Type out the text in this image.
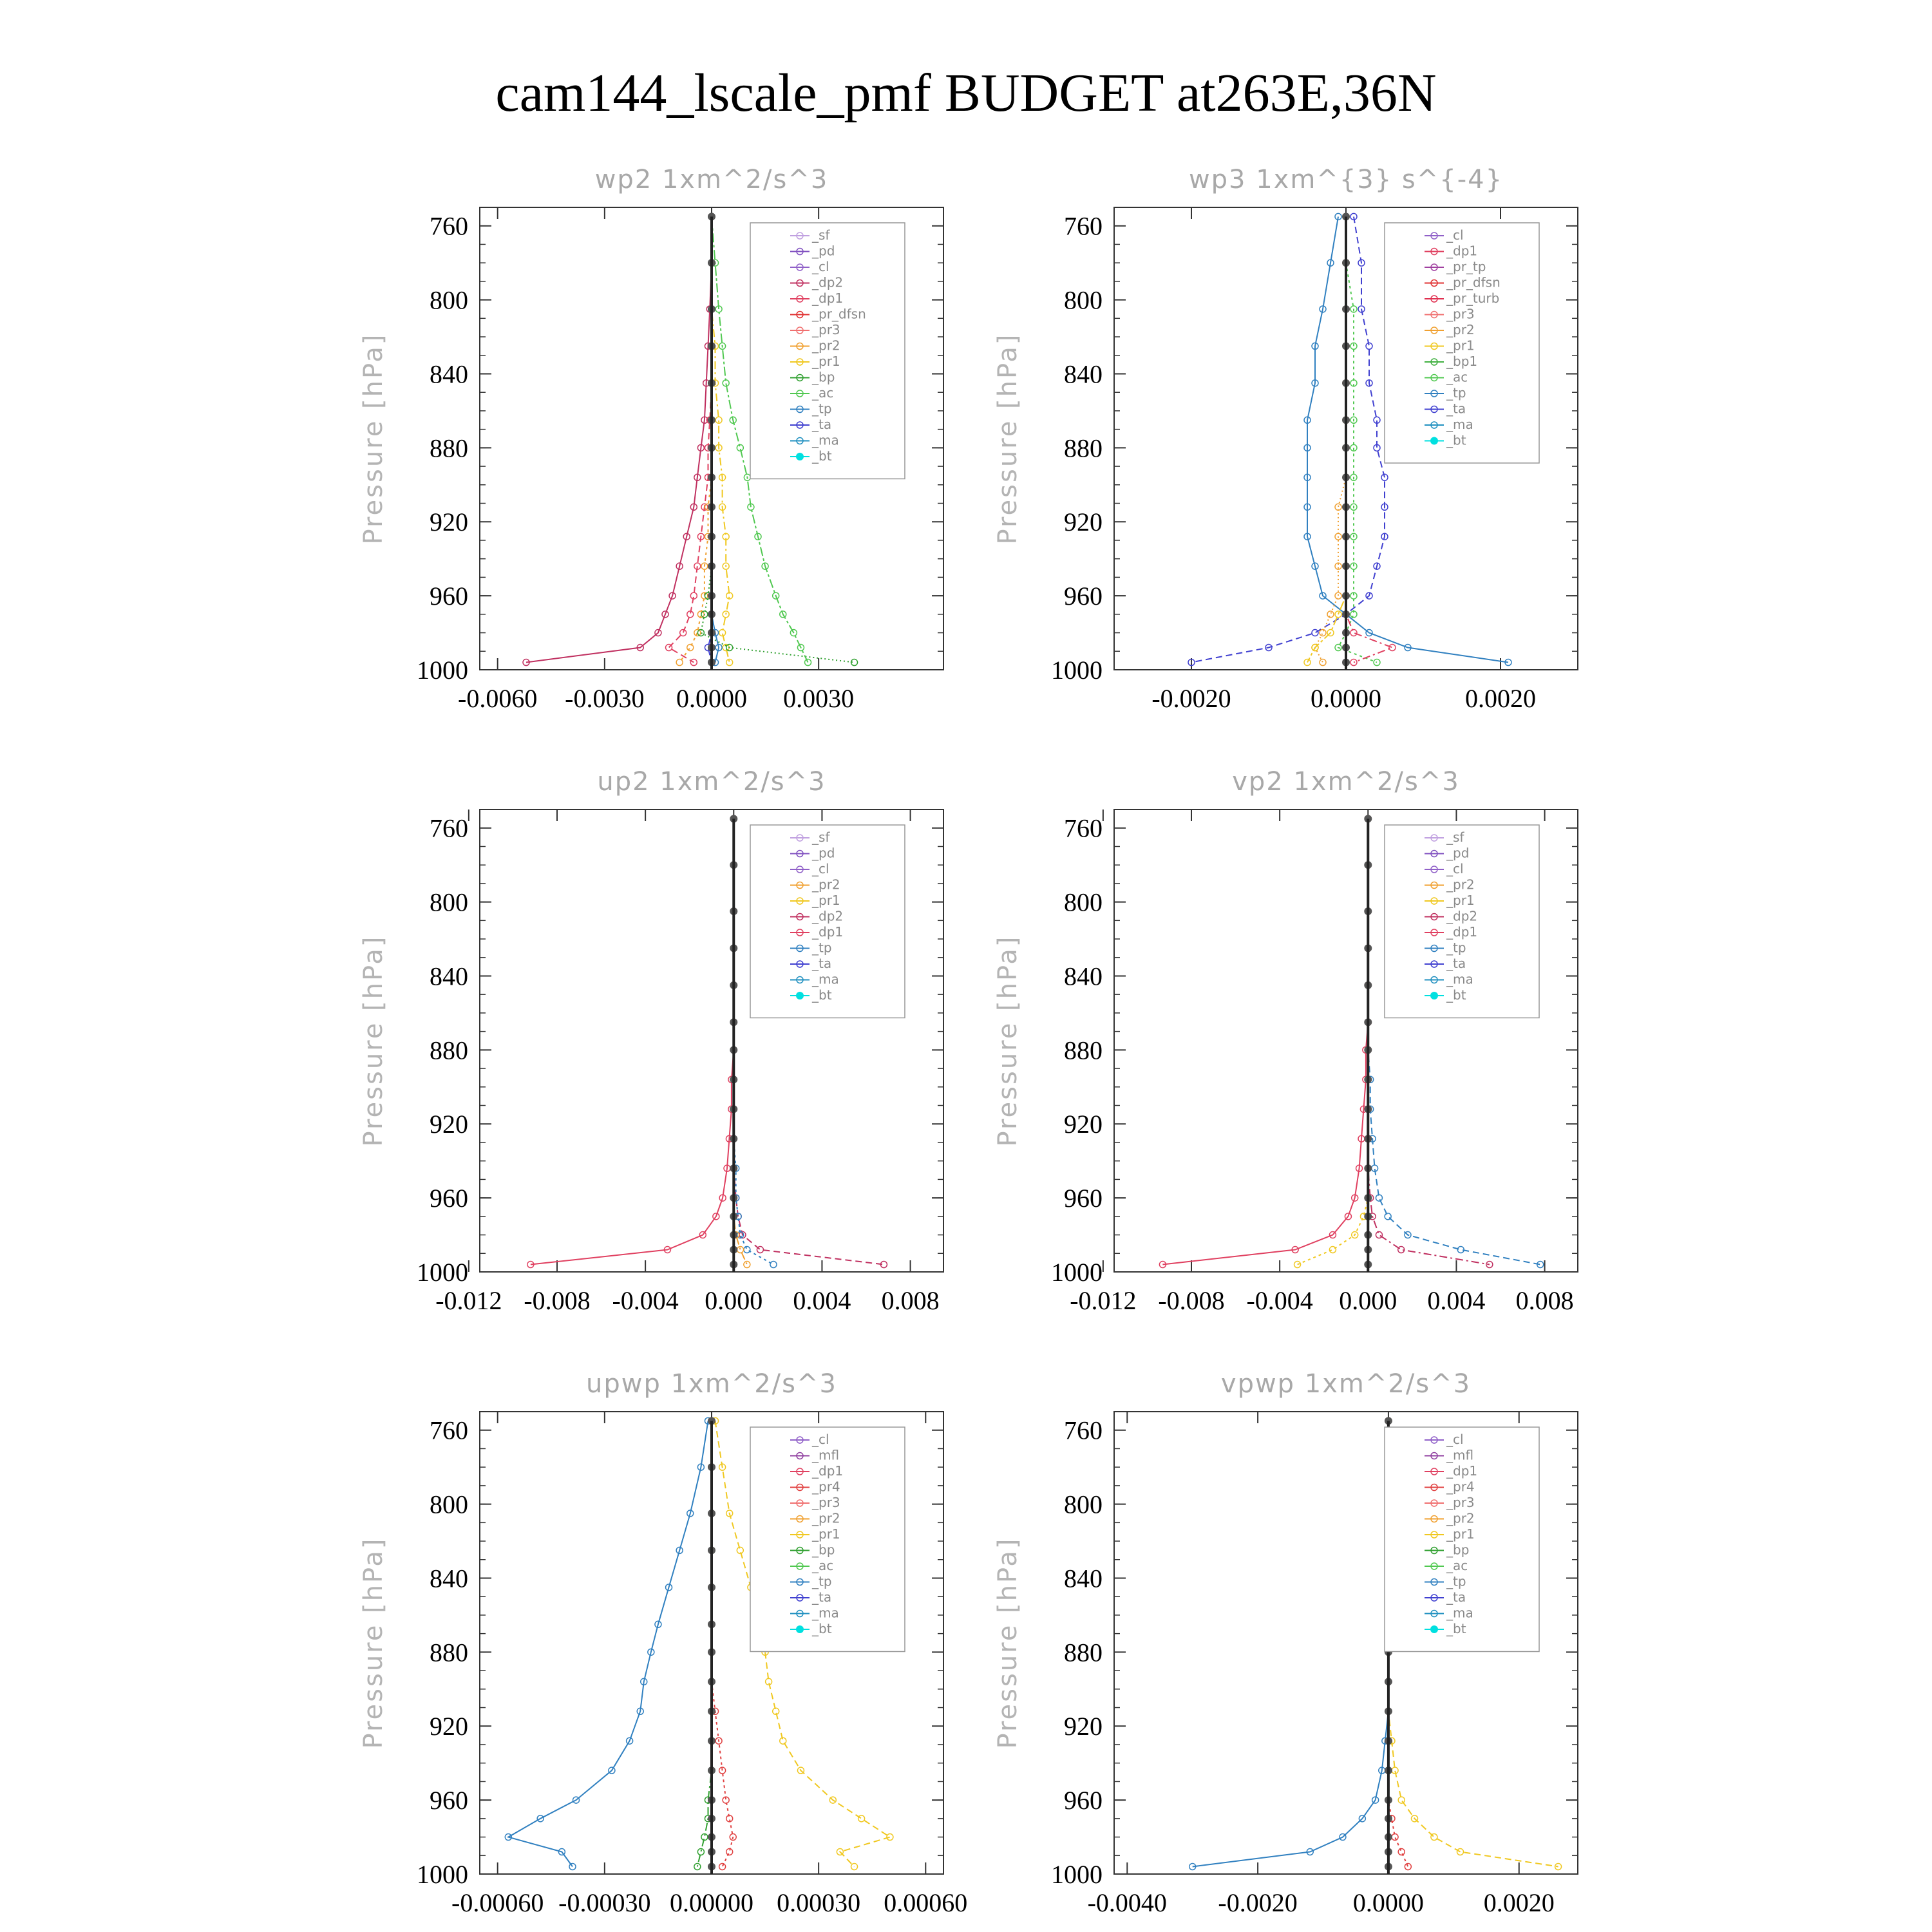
cam144_lscale_pmf BUDGET at263E,36N
wp2 1xm^2/s^3
Pressure [hPa]
760
800
840
880
920
960
1000
-0.0060 -0.0030 0.0000 0.0030
_sf
_pd
_cl
_dp2
_dp1
_pr_dfsn
_pr3
_pr2
_pr1
_bp
_ac
_tp
_ta
_ma
_bt
wp3 1xm^{3} s^{-4}
Pressure [hPa]
760
800
840
880
920
960
1000
-0.0020	0.0000	0.0020
_cl
_dp1
_pr_tp
_pr_dfsn
_pr_turb
_pr3
_pr2
_pr1
_bp1
_ac
_tp
_ta
_ma
_bt
up2 1xm^2/s^3
Pressure [hPa]
760
800
840
880
920
960
1000
-0.012 -0.008 -0.004 0.000 0.004 0.008
_sf
_pd
_cl
_pr2
_pr1
_dp2
_dp1
_tp
_ta
_ma
_bt
vp2 1xm^2/s^3
Pressure [hPa]
760
800
840
880
920
960
1000
-0.012 -0.008 -0.004 0.000 0.004 0.008
_sf
_pd
_cl
_pr2
_pr1
_dp2
_dp1
_tp
_ta
_ma
_bt
upwp 1xm^2/s^3
Pressure [hPa]
760
800
840
880
920
960
1000
-0.00060 -0.00030 0.00000 0.00030 0.00060
_cl
_mfl
_dp1
_pr4
_pr3
_pr2
_pr1
_bp
_ac
_tp
_ta
_ma
_bt
vpwp 1xm^2/s^3
Pressure [hPa]
760
800
840
880
920
960
1000
-0.0040 -0.0020 0.0000 0.0020
_cl
_mfl
_dp1
_pr4
_pr3
_pr2
_pr1
_bp
_ac
_tp
_ta
_ma
_bt
